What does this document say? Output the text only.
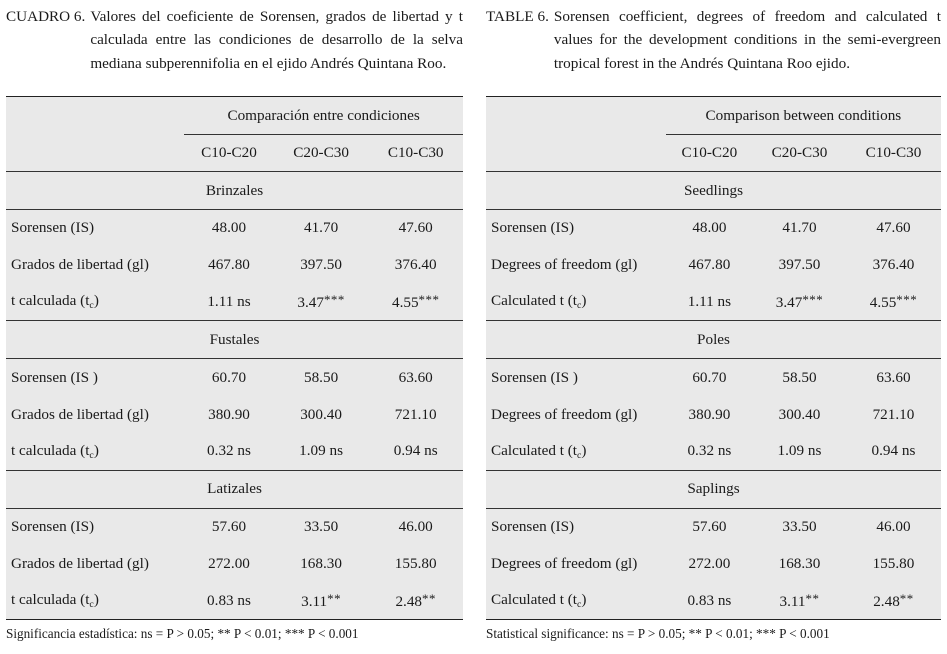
CUADRO 6. Valores del coeficiente de Sorensen, grados de libertad y t calculada entre las condiciones de desarrollo de la selva mediana subperennifolia en el ejido Andrés Quintana Roo.
	Comparación entre condiciones		
	C10-C20	C20-C30	C10-C30
Brinzales			
Sorensen (IS)	48.00	41.70	47.60
Grados de libertad (gl)	467.80	397.50	376.40
t calculada $(t_c)$	1.11 ns	3.47***	4.55***
Fustales			
Sorensen (IS )	60.70	58.50	63.60
Grados de libertad (gl)	380.90	300.40	721.10
t calculada $(t_c)$	0.32 ns	1.09 ns	0.94 ns
Latizales			
Sorensen (IS)	57.60	33.50	46.00
Grados de libertad (gl)	272.00	168.30	155.80
t calculada $(t_c)$	0.83 ns	3.11**	2.48**
TABLE 6. Sorensen coefficient, degrees of freedom and calculated t values for the development conditions in the semi-evergreen tropical forest in the Andrés Quintana Roo ejido.
	Comparison between conditions		
	C10-C20	C20-C30	C10-C30
Seedlings			
Sorensen (IS)	48.00	41.70	47.60
Degrees of freedom (gl)	467.80	397.50	376.40
Calculated t $(t_c)$	1.11 ns	3.47***	4.55***
Poles			
Sorensen (IS )	60.70	58.50	63.60
Degrees of freedom (gl)	380.90	300.40	721.10
Calculated t $(t_c)$	0.32 ns	1.09 ns	0.94 ns
Saplings			
Sorensen (IS)	57.60	33.50	46.00
Degrees of freedom (gl)	272.00	168.30	155.80
Calculated t $(t_c)$	0.83 ns	3.11**	2.48**
Significancia estadística: ns = P > 0.05; ** P < 0.01; *** P < 0.001	Statistical significance: ns = P > 0.05; ** P < 0.01; *** P < 0.001
